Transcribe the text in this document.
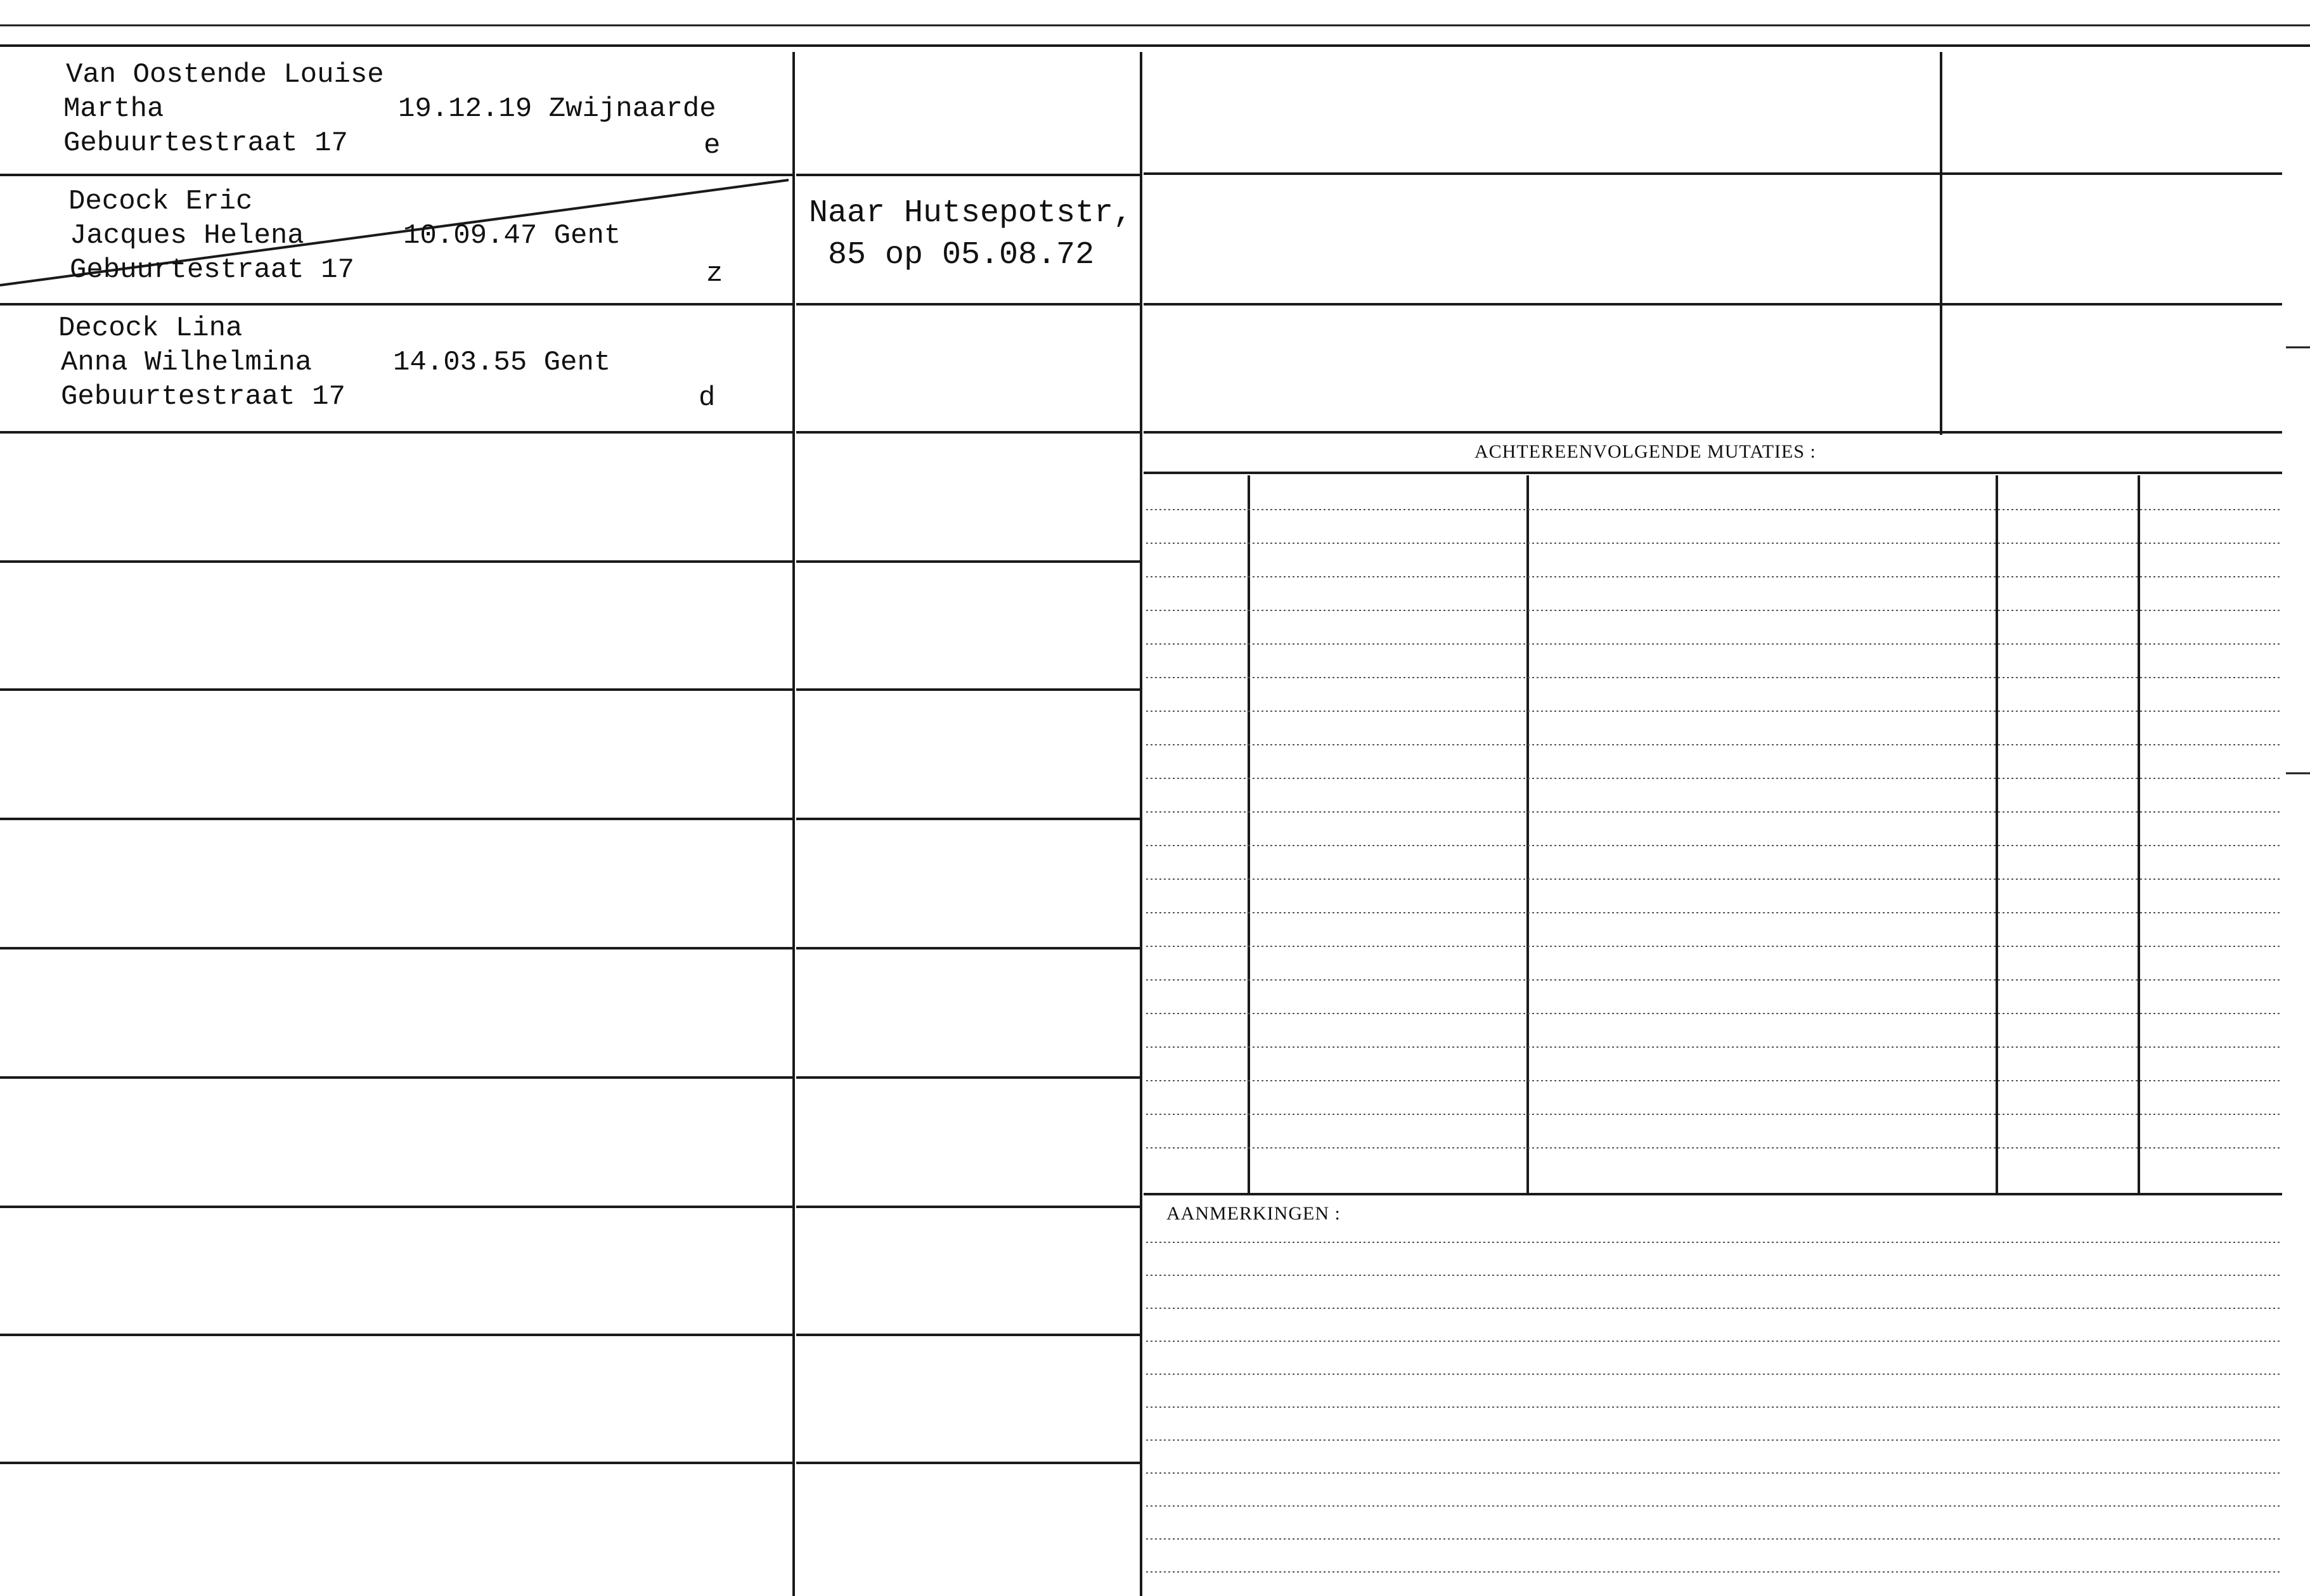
Van Oostende Louise
Martha	19.12.19 Zwijnaarde
Gebuurtestraat 17	e
Decock Eric
Jacques Helena	10.09.47 Gent
Gebuurtestraat 17	z
Naar Hutsepotstr,
85 op 05.08.72
Decock Lina
Anna Wilhelmina	14.03.55 Gent
Gebuurtestraat 17	d
ACHTEREENVOLGENDE MUTATIES :
AANMERKINGEN :
